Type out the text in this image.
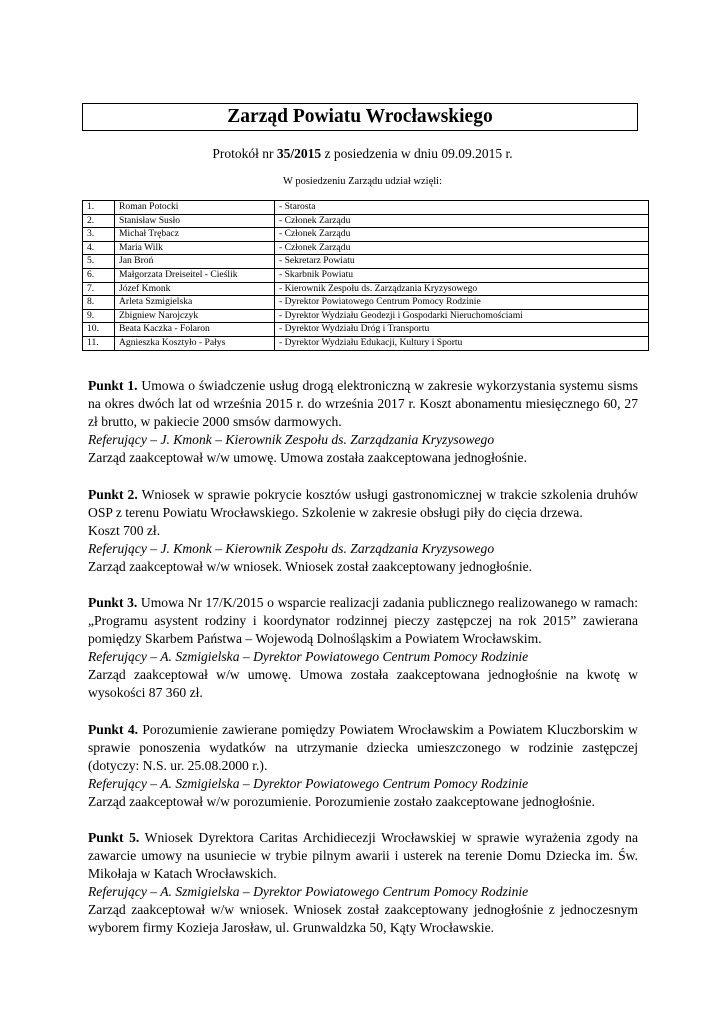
Zarząd Powiatu Wrocławskiego
Protokół nr 35/2015 z posiedzenia w dniu 09.09.2015 r.
W posiedzeniu Zarządu udział wzięli:
1.	Roman Potocki	- Starosta
2.	Stanisław Susło	- Członek Zarządu
3.	Michał Trębacz	- Członek Zarządu
4.	Maria Wilk	- Członek Zarządu
5.	Jan Broń	- Sekretarz Powiatu
6.	Małgorzata Dreiseitel - Cieślik	- Skarbnik Powiatu
7.	Józef Kmonk	- Kierownik Zespołu ds. Zarządzania Kryzysowego
8.	Arleta Szmigielska	- Dyrektor Powiatowego Centrum Pomocy Rodzinie
9.	Zbigniew Narojczyk	- Dyrektor Wydziału Geodezji i Gospodarki Nieruchomościami
10.	Beata Kaczka - Folaron	- Dyrektor Wydziału Dróg i Transportu
11.	Agnieszka Kosztyło - Pałys	- Dyrektor Wydziału Edukacji, Kultury i Sportu

Punkt 1. Umowa o świadczenie usług drogą elektroniczną w zakresie wykorzystania systemu sisms na okres dwóch lat od września 2015 r. do września 2017 r. Koszt abonamentu miesięcznego 60, 27 zł brutto, w pakiecie 2000 smsów darmowych.

Referujący – J. Kmonk – Kierownik Zespołu ds. Zarządzania Kryzysowego

Zarząd zaakceptował w/w umowę. Umowa została zaakceptowana jednogłośnie.

Punkt 2. Wniosek w sprawie pokrycie kosztów usługi gastronomicznej w trakcie szkolenia druhów OSP z terenu Powiatu Wrocławskiego. Szkolenie w zakresie obsługi piły do cięcia drzewa.

Koszt 700 zł.

Referujący – J. Kmonk – Kierownik Zespołu ds. Zarządzania Kryzysowego

Zarząd zaakceptował w/w wniosek. Wniosek został zaakceptowany jednogłośnie.

Punkt 3. Umowa Nr 17/K/2015 o wsparcie realizacji zadania publicznego realizowanego w ramach: „Programu asystent rodziny i koordynator rodzinnej pieczy zastępczej na rok 2015” zawierana pomiędzy Skarbem Państwa – Wojewodą Dolnośląskim a Powiatem Wrocławskim.

Referujący – A. Szmigielska – Dyrektor Powiatowego Centrum Pomocy Rodzinie

Zarząd zaakceptował w/w umowę. Umowa została zaakceptowana jednogłośnie na kwotę w wysokości 87 360 zł.

Punkt 4. Porozumienie zawierane pomiędzy Powiatem Wrocławskim a Powiatem Kluczborskim w sprawie ponoszenia wydatków na utrzymanie dziecka umieszczonego w rodzinie zastępczej (dotyczy: N.S. ur. 25.08.2000 r.).

Referujący – A. Szmigielska – Dyrektor Powiatowego Centrum Pomocy Rodzinie

Zarząd zaakceptował w/w porozumienie. Porozumienie zostało zaakceptowane jednogłośnie.

Punkt 5. Wniosek Dyrektora Caritas Archidiecezji Wrocławskiej w sprawie wyrażenia zgody na zawarcie umowy na usuniecie w trybie pilnym awarii i usterek na terenie Domu Dziecka im. Św. Mikołaja w Katach Wrocławskich.

Referujący – A. Szmigielska – Dyrektor Powiatowego Centrum Pomocy Rodzinie

Zarząd zaakceptował w/w wniosek. Wniosek został zaakceptowany jednogłośnie z jednoczesnym wyborem firmy Kozieja Jarosław, ul. Grunwaldzka 50, Kąty Wrocławskie.
